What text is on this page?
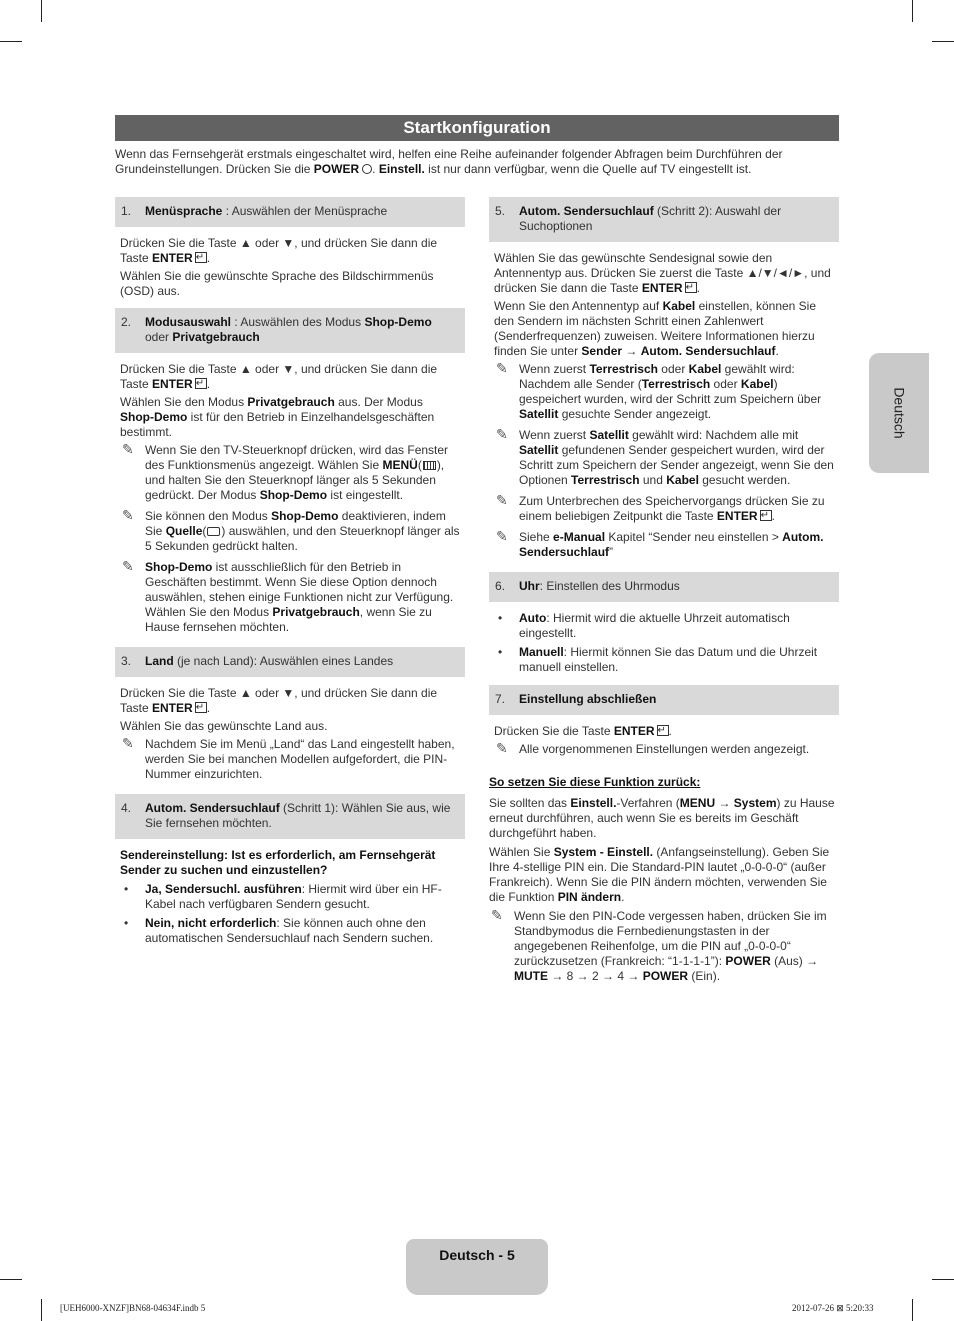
Startkonfiguration
Wenn das Fernsehgerät erstmals eingeschaltet wird, helfen eine Reihe aufeinander folgender Abfragen beim Durchführen der Grundeinstellungen. Drücken Sie die POWER . Einstell. ist nur dann verfügbar, wenn die Quelle auf TV eingestellt ist.
1. Menüsprache : Auswählen der Menüsprache

Drücken Sie die Taste ▲ oder ▼, und drücken Sie dann die Taste ENTER ↵ .

Wählen Sie die gewünschte Sprache des Bildschirmmenüs (OSD) aus.

2. Modusauswahl : Auswählen des Modus Shop-Demo oder Privatgebrauch

Drücken Sie die Taste ▲ oder ▼, und drücken Sie dann die Taste ENTER ↵ .

Wählen Sie den Modus Privatgebrauch aus. Der Modus Shop-Demo ist für den Betrieb in Einzelhandelsgeschäften bestimmt.

✎ Wenn Sie den TV-Steuerknopf drücken, wird das Fenster des Funktionsmenüs angezeigt. Wählen Sie MENÜ( ), und halten Sie den Steuerknopf länger als 5 Sekunden gedrückt. Der Modus Shop-Demo ist eingestellt.
✎ Sie können den Modus Shop-Demo deaktivieren, indem Sie Quelle( ) auswählen, und den Steuerknopf länger als 5 Sekunden gedrückt halten.
✎ Shop-Demo ist ausschließlich für den Betrieb in Geschäften bestimmt. Wenn Sie diese Option dennoch auswählen, stehen einige Funktionen nicht zur Verfügung. Wählen Sie den Modus Privatgebrauch, wenn Sie zu Hause fernsehen möchten.
3. Land (je nach Land): Auswählen eines Landes

Drücken Sie die Taste ▲ oder ▼, und drücken Sie dann die Taste ENTER ↵ .

Wählen Sie das gewünschte Land aus.

✎ Nachdem Sie im Menü „Land“ das Land eingestellt haben, werden Sie bei manchen Modellen aufgefordert, die PIN-Nummer einzurichten.
4. Autom. Sendersuchlauf (Schritt 1): Wählen Sie aus, wie Sie fernsehen möchten.

Sendereinstellung: Ist es erforderlich, am Fernsehgerät Sender zu suchen und einzustellen?

• Ja, Sendersuchl. ausführen: Hiermit wird über ein HF-Kabel nach verfügbaren Sendern gesucht.
• Nein, nicht erforderlich: Sie können auch ohne den automatischen Sendersuchlauf nach Sendern suchen.
5. Autom. Sendersuchlauf (Schritt 2): Auswahl der Suchoptionen

Wählen Sie das gewünschte Sendesignal sowie den Antennentyp aus. Drücken Sie zuerst die Taste ▲/▼/◄/►, und drücken Sie dann die Taste ENTER ↵ .

Wenn Sie den Antennentyp auf Kabel einstellen, können Sie den Sendern im nächsten Schritt einen Zahlenwert (Senderfrequenzen) zuweisen. Weitere Informationen hierzu finden Sie unter Sender → Autom. Sendersuchlauf.

✎ Wenn zuerst Terrestrisch oder Kabel gewählt wird: Nachdem alle Sender (Terrestrisch oder Kabel) gespeichert wurden, wird der Schritt zum Speichern über Satellit gesuchte Sender angezeigt.
✎ Wenn zuerst Satellit gewählt wird: Nachdem alle mit Satellit gefundenen Sender gespeichert wurden, wird der Schritt zum Speichern der Sender angezeigt, wenn Sie den Optionen Terrestrisch und Kabel gesucht werden.
✎ Zum Unterbrechen des Speichervorgangs drücken Sie zu einem beliebigen Zeitpunkt die Taste ENTER ↵ .
✎ Siehe e-Manual Kapitel “Sender neu einstellen > Autom. Sendersuchlauf”
6. Uhr: Einstellen des Uhrmodus
• Auto: Hiermit wird die aktuelle Uhrzeit automatisch eingestellt.
• Manuell: Hiermit können Sie das Datum und die Uhrzeit manuell einstellen.
7. Einstellung abschließen

Drücken Sie die Taste ENTER ↵ .

✎ Alle vorgenommenen Einstellungen werden angezeigt.

So setzen Sie diese Funktion zurück:

Sie sollten das Einstell.-Verfahren (MENU → System) zu Hause erneut durchführen, auch wenn Sie es bereits im Geschäft durchgeführt haben.

Wählen Sie System - Einstell. (Anfangseinstellung). Geben Sie Ihre 4-stellige PIN ein. Die Standard-PIN lautet „0-0-0-0“ (außer Frankreich). Wenn Sie die PIN ändern möchten, verwenden Sie die Funktion PIN ändern.

✎ Wenn Sie den PIN-Code vergessen haben, drücken Sie im Standbymodus die Fernbedienungstasten in der angegebenen Reihenfolge, um die PIN auf „0-0-0-0“ zurückzusetzen (Frankreich: “1-1-1-1”): POWER (Aus) → MUTE → 8 → 2 → 4 → POWER (Ein).
Deutsch
Deutsch - 5
[UEH6000-XNZF]BN68-04634F.indb 5	2012-07-26 ⊠ 5:20:33
